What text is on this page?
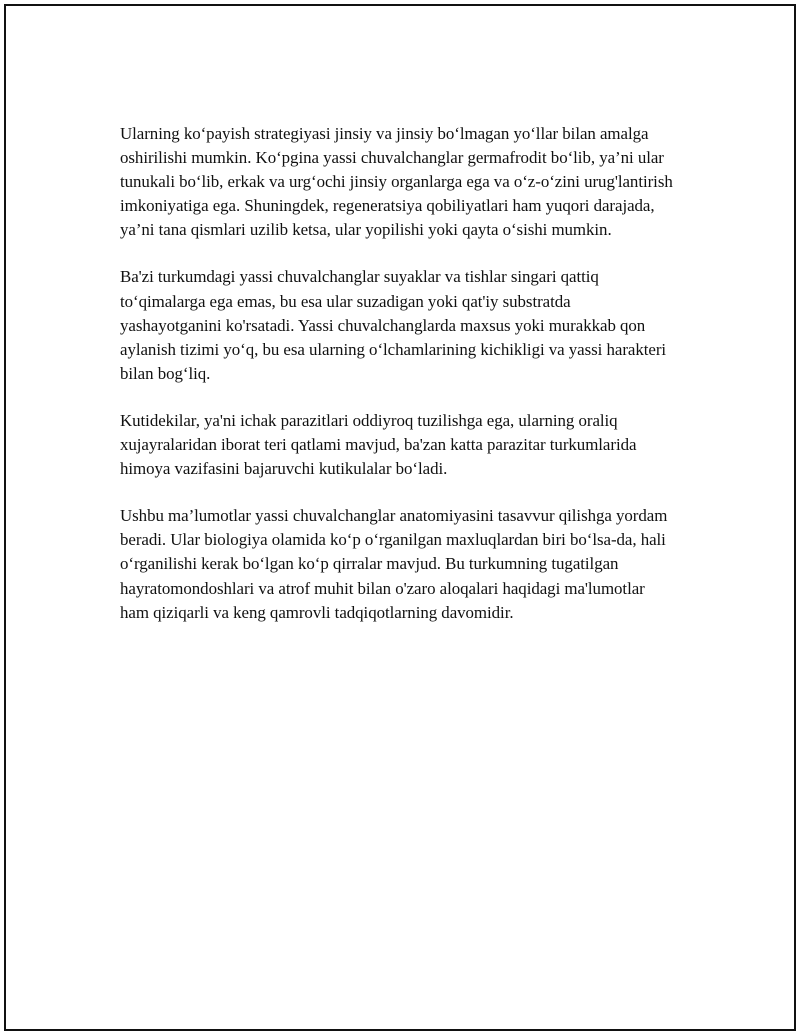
Ularning ko‘payish strategiyasi jinsiy va jinsiy bo‘lmagan yo‘llar bilan amalga oshirilishi mumkin. Ko‘pgina yassi chuvalchanglar germafrodit bo‘lib, ya’ni ular tunukali bo‘lib, erkak va urg‘ochi jinsiy organlarga ega va o‘z-o‘zini urug'lantirish imkoniyatiga ega. Shuningdek, regeneratsiya qobiliyatlari ham yuqori darajada, ya’ni tana qismlari uzilib ketsa, ular yopilishi yoki qayta o‘sishi mumkin.

Ba'zi turkumdagi yassi chuvalchanglar suyaklar va tishlar singari qattiq to‘qimalarga ega emas, bu esa ular suzadigan yoki qat'iy substratda yashayotganini ko'rsatadi. Yassi chuvalchanglarda maxsus yoki murakkab qon aylanish tizimi yo‘q, bu esa ularning o‘lchamlarining kichikligi va yassi harakteri bilan bog‘liq.

Kutidekilar, ya'ni ichak parazitlari oddiyroq tuzilishga ega, ularning oraliq xujayralaridan iborat teri qatlami mavjud, ba'zan katta parazitar turkumlarida himoya vazifasini bajaruvchi kutikulalar bo‘ladi.

Ushbu ma’lumotlar yassi chuvalchanglar anatomiyasini tasavvur qilishga yordam beradi. Ular biologiya olamida ko‘p o‘rganilgan maxluqlardan biri bo‘lsa-da, hali o‘rganilishi kerak bo‘lgan ko‘p qirralar mavjud. Bu turkumning tugatilgan hayratomondoshlari va atrof muhit bilan o'zaro aloqalari haqidagi ma'lumotlar ham qiziqarli va keng qamrovli tadqiqotlarning davomidir.
